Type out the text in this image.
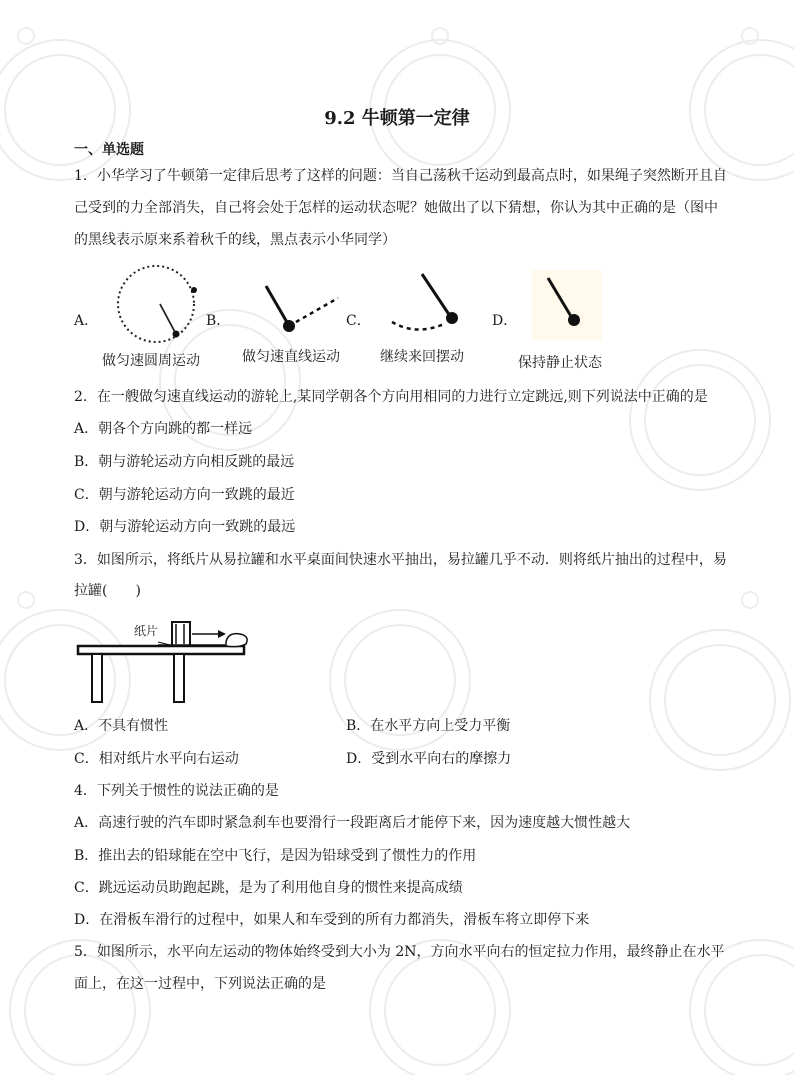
9.2 牛顿第一定律
一、单选题
1．小华学习了牛顿第一定律后思考了这样的问题：当自己荡秋千运动到最高点时，如果绳子突然断开且自
己受到的力全部消失，自己将会处于怎样的运动状态呢？她做出了以下猜想，你认为其中正确的是（图中
的黑线表示原来系着秋千的线，黑点表示小华同学）
A．
做匀速圆周运动
B．
做匀速直线运动
C．
继续来回摆动
D．
保持静止状态
2．在一艘做匀速直线运动的游轮上,某同学朝各个方向用相同的力进行立定跳远,则下列说法中正确的是
A．朝各个方向跳的都一样远
B．朝与游轮运动方向相反跳的最远
C．朝与游轮运动方向一致跳的最近
D．朝与游轮运动方向一致跳的最远
3．如图所示，将纸片从易拉罐和水平桌面间快速水平抽出，易拉罐几乎不动．则将纸片抽出的过程中，易
拉罐(　　)
纸片
A．不具有惯性	B．在水平方向上受力平衡
C．相对纸片水平向右运动	D．受到水平向右的摩擦力
4．下列关于惯性的说法正确的是
A．高速行驶的汽车即时紧急刹车也要滑行一段距离后才能停下来，因为速度越大惯性越大
B．推出去的铅球能在空中飞行，是因为铅球受到了惯性力的作用
C．跳远运动员助跑起跳，是为了利用他自身的惯性来提高成绩
D．在滑板车滑行的过程中，如果人和车受到的所有力都消失，滑板车将立即停下来
5．如图所示，水平向左运动的物体始终受到大小为 2N，方向水平向右的恒定拉力作用，最终静止在水平
面上，在这一过程中，下列说法正确的是
